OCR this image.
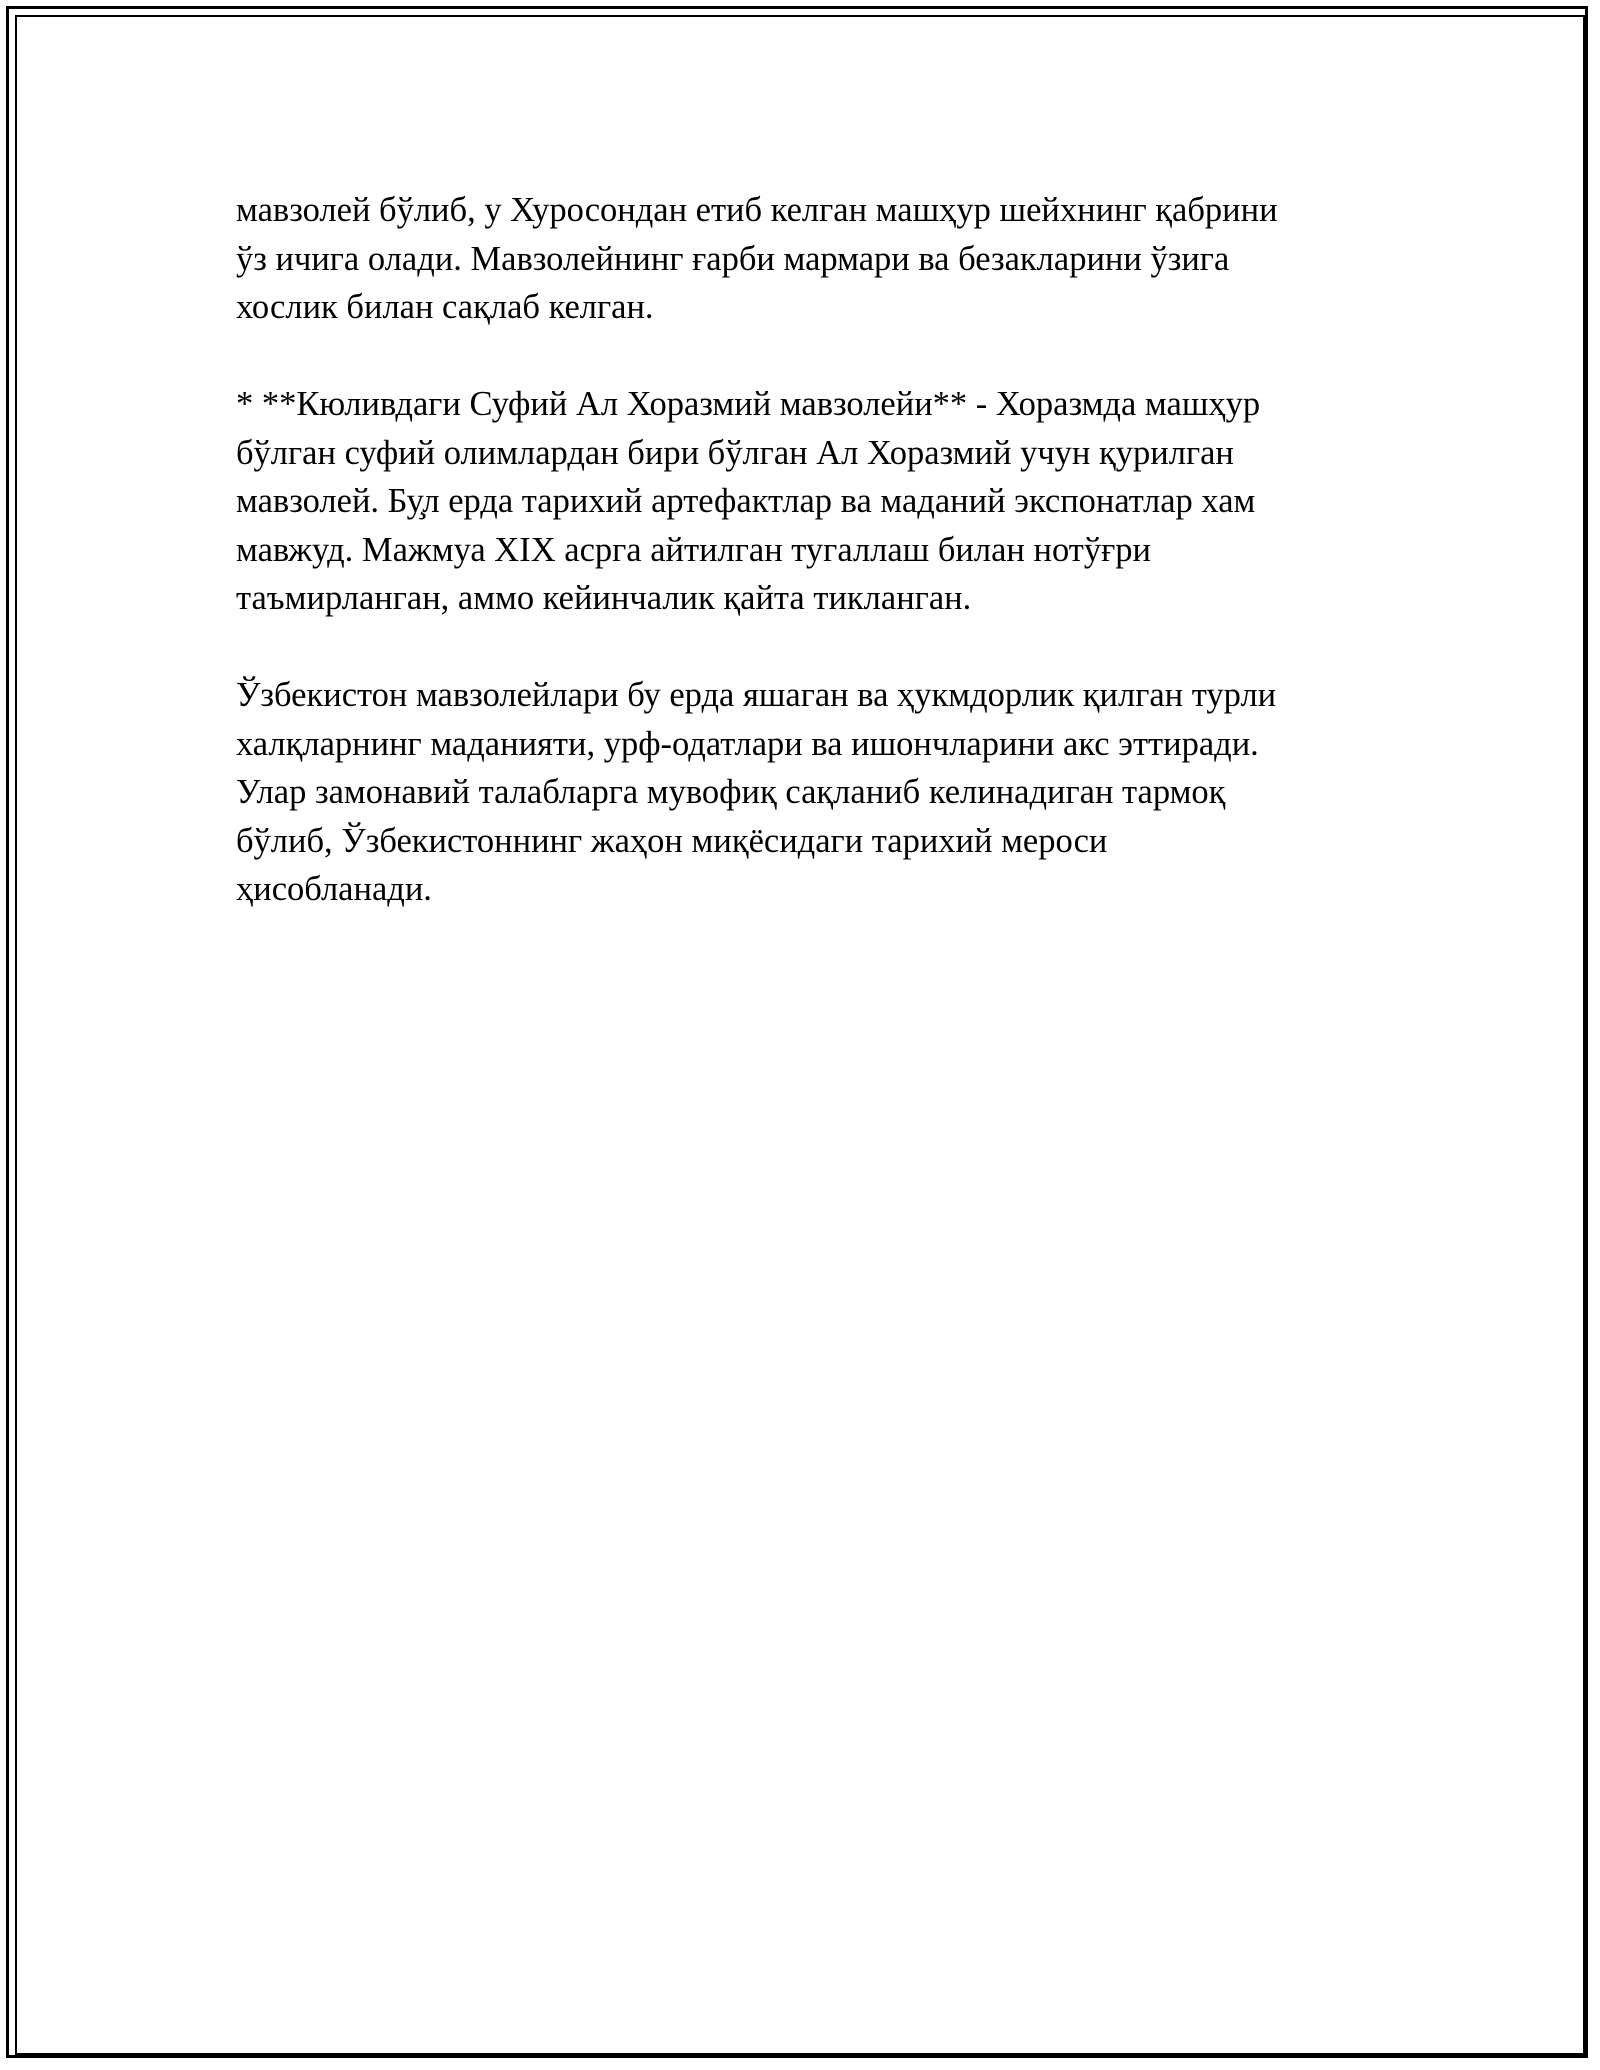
мавзолей бўлиб, у Хуросондан етиб келган машҳур шейхнинг қабрини
ўз ичига олади. Мавзолейнинг ғарби мармари ва безакларини ўзига
хослик билан сақлаб келган.

* **Кюливдаги Суфий Ал Хоразмий мавзолейи** - Хоразмда машҳур
бўлган суфий олимлардан бири бўлган Ал Хоразмий учун қурилган
мавзолей. Бу̧л ерда тарихий артефактлар ва маданий экспонатлар хам
мавжуд. Мажмуа XIX асрга айтилган тугаллаш билан нотўғри
таъмирланган, аммо кейинчалик қайта тикланган.

Ўзбекистон мавзолейлари бу ерда яшаган ва ҳукмдорлик қилган турли
халқларнинг маданияти, урф-одатлари ва ишончларини акс эттиради.
Улар замонавий талабларга мувофиқ сақланиб келинадиган тармоқ
бўлиб, Ўзбекистоннинг жаҳон миқёсидаги тарихий мероси
ҳисобланади.
